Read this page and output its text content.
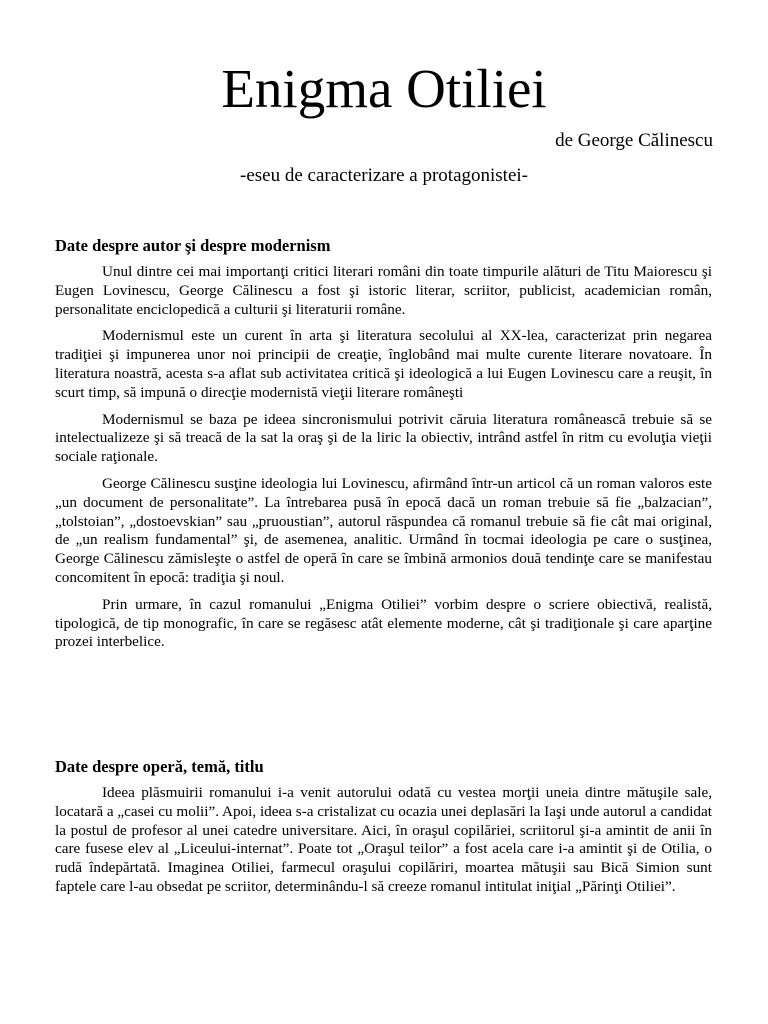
Enigma Otiliei
de George Călinescu
-eseu de caracterizare a protagonistei-
Date despre autor şi despre modernism

Unul dintre cei mai importanţi critici literari români din toate timpurile alături de Titu Maiorescu şi Eugen Lovinescu, George Călinescu a fost şi istoric literar, scriitor, publicist, academician român, personalitate enciclopedică a culturii şi literaturii române.

Modernismul este un curent în arta şi literatura secolului al XX-lea, caracterizat prin negarea tradiţiei şi impunerea unor noi principii de creaţie, înglobând mai multe curente literare novatoare. În literatura noastră, acesta s-a aflat sub activitatea critică şi ideologică a lui Eugen Lovinescu care a reuşit, în scurt timp, să impună o direcţie modernistă vieţii literare româneşti

Modernismul se baza pe ideea sincronismului potrivit căruia literatura românească trebuie să se intelectualizeze şi să treacă de la sat la oraş şi de la liric la obiectiv, intrând astfel în ritm cu evoluţia vieţii sociale raţionale.

George Călinescu susţine ideologia lui Lovinescu, afirmând într-un articol că un roman valoros este „un document de personalitate”. La întrebarea pusă în epocă dacă un roman trebuie să fie „balzacian”, „tolstoian”, „dostoevskian” sau „pruoustian”, autorul răspundea că romanul trebuie să fie cât mai original, de „un realism fundamental” şi, de asemenea, analitic. Urmând în tocmai ideologia pe care o susţinea, George Călinescu zămisleşte o astfel de operă în care se îmbină armonios două tendinţe care se manifestau concomitent în epocă: tradiţia şi noul.

Prin urmare, în cazul romanului „Enigma Otiliei” vorbim despre o scriere obiectivă, realistă, tipologică, de tip monografic, în care se regăsesc atât elemente moderne, cât şi tradiţionale şi care aparţine prozei interbelice.

Date despre operă, temă, titlu

Ideea plăsmuirii romanului i-a venit autorului odată cu vestea morţii uneia dintre mătuşile sale, locatară a „casei cu molii”. Apoi, ideea s-a cristalizat cu ocazia unei deplasări la Iaşi unde autorul a candidat la postul de profesor al unei catedre universitare. Aici, în oraşul copilăriei, scriitorul şi-a amintit de anii în care fusese elev al „Liceului-internat”. Poate tot „Oraşul teilor” a fost acela care i-a amintit şi de Otilia, o rudă îndepărtată. Imaginea Otiliei, farmecul oraşului copilăriri, moartea mătuşii sau Bică Simion sunt faptele care l-au obsedat pe scriitor, determinându-l să creeze romanul intitulat iniţial „Părinţi Otiliei”.
